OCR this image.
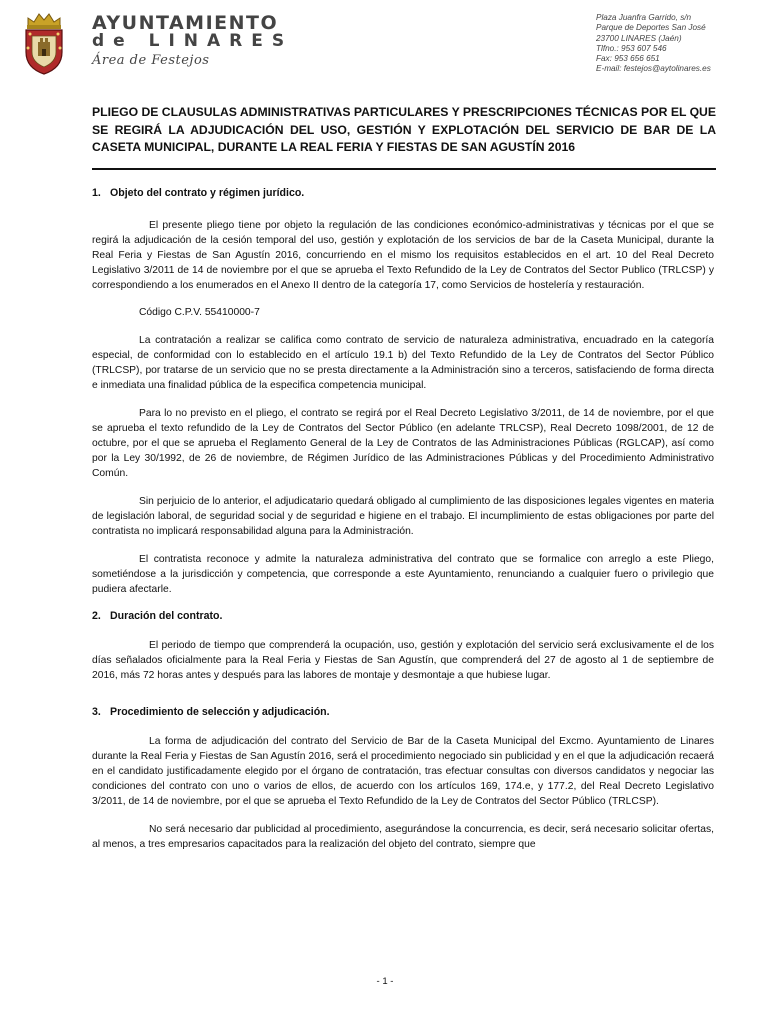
AYUNTAMIENTO
de LINARES
Área de Festejos
Plaza Juanfra Garrido, s/n
Parque de Deportes San José
23700 LINARES (Jaén)
Tlfno.: 953 607 546
Fax: 953 656 651
E-mail: festejos@aytolinares.es
PLIEGO DE CLAUSULAS ADMINISTRATIVAS PARTICULARES Y PRESCRIPCIONES TÉCNICAS POR EL QUE SE REGIRÁ LA ADJUDICACIÓN DEL USO, GESTIÓN Y EXPLOTACIÓN DEL SERVICIO DE BAR DE LA CASETA MUNICIPAL, DURANTE LA REAL FERIA Y FIESTAS DE SAN AGUSTÍN 2016
1. Objeto del contrato y régimen jurídico.

El presente pliego tiene por objeto la regulación de las condiciones económico-administrativas y técnicas por el que se regirá la adjudicación de la cesión temporal del uso, gestión y explotación de los servicios de bar de la Caseta Municipal, durante la Real Feria y Fiestas de San Agustín 2016, concurriendo en el mismo los requisitos establecidos en el art. 10 del Real Decreto Legislativo 3/2011 de 14 de noviembre por el que se aprueba el Texto Refundido de la Ley de Contratos del Sector Publico (TRLCSP) y correspondiendo a los enumerados en el Anexo II dentro de la categoría 17, como Servicios de hostelería y restauración.

Código C.P.V. 55410000-7

La contratación a realizar se califica como contrato de servicio de naturaleza administrativa, encuadrado en la categoría especial, de conformidad con lo establecido en el artículo 19.1 b) del Texto Refundido de la Ley de Contratos del Sector Público (TRLCSP), por tratarse de un servicio que no se presta directamente a la Administración sino a terceros, satisfaciendo de forma directa e inmediata una finalidad pública de la especifica competencia municipal.

Para lo no previsto en el pliego, el contrato se regirá por el Real Decreto Legislativo 3/2011, de 14 de noviembre, por el que se aprueba el texto refundido de la Ley de Contratos del Sector Público (en adelante TRLCSP), Real Decreto 1098/2001, de 12 de octubre, por el que se aprueba el Reglamento General de la Ley de Contratos de las Administraciones Públicas (RGLCAP), así como por la Ley 30/1992, de 26 de noviembre, de Régimen Jurídico de las Administraciones Públicas y del Procedimiento Administrativo Común.

Sin perjuicio de lo anterior, el adjudicatario quedará obligado al cumplimiento de las disposiciones legales vigentes en materia de legislación laboral, de seguridad social y de seguridad e higiene en el trabajo. El incumplimiento de estas obligaciones por parte del contratista no implicará responsabilidad alguna para la Administración.

El contratista reconoce y admite la naturaleza administrativa del contrato que se formalice con arreglo a este Pliego, sometiéndose a la jurisdicción y competencia, que corresponde a este Ayuntamiento, renunciando a cualquier fuero o privilegio que pudiera afectarle.

2. Duración del contrato.

El periodo de tiempo que comprenderá la ocupación, uso, gestión y explotación del servicio será exclusivamente el de los días señalados oficialmente para la Real Feria y Fiestas de San Agustín, que comprenderá del 27 de agosto al 1 de septiembre de 2016, más 72 horas antes y después para las labores de montaje y desmontaje a que hubiese lugar.

3. Procedimiento de selección y adjudicación.

La forma de adjudicación del contrato del Servicio de Bar de la Caseta Municipal del Excmo. Ayuntamiento de Linares durante la Real Feria y Fiestas de San Agustín 2016, será el procedimiento negociado sin publicidad y en el que la adjudicación recaerá en el candidato justificadamente elegido por el órgano de contratación, tras efectuar consultas con diversos candidatos y negociar las condiciones del contrato con uno o varios de ellos, de acuerdo con los artículos 169, 174.e, y 177.2, del Real Decreto Legislativo 3/2011, de 14 de noviembre, por el que se aprueba el Texto Refundido de la Ley de Contratos del Sector Público (TRLCSP).

No será necesario dar publicidad al procedimiento, asegurándose la concurrencia, es decir, será necesario solicitar ofertas, al menos, a tres empresarios capacitados para la realización del objeto del contrato, siempre que

- 1 -
